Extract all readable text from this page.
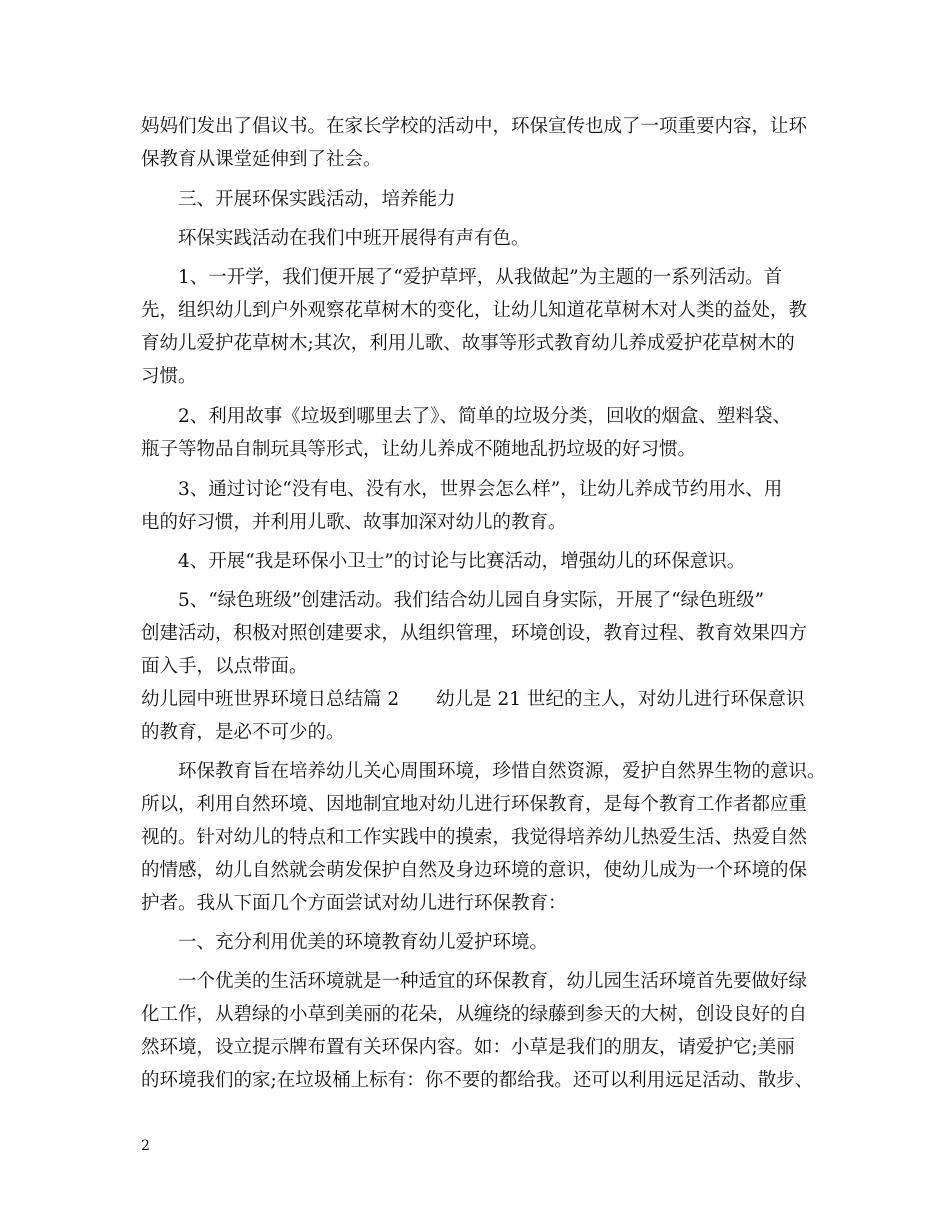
妈妈们发出了倡议书。在家长学校的活动中，环保宣传也成了一项重要内容，让环
保教育从课堂延伸到了社会。
三、开展环保实践活动，培养能力
环保实践活动在我们中班开展得有声有色。
1、一开学，我们便开展了“爱护草坪，从我做起”为主题的一系列活动。首
先，组织幼儿到户外观察花草树木的变化，让幼儿知道花草树木对人类的益处，教
育幼儿爱护花草树木;其次，利用儿歌、故事等形式教育幼儿养成爱护花草树木的
习惯。
2、利用故事《垃圾到哪里去了》、简单的垃圾分类，回收的烟盒、塑料袋、
瓶子等物品自制玩具等形式，让幼儿养成不随地乱扔垃圾的好习惯。
3、通过讨论“没有电、没有水，世界会怎么样”，让幼儿养成节约用水、用
电的好习惯，并利用儿歌、故事加深对幼儿的教育。
4、开展“我是环保小卫士”的讨论与比赛活动，增强幼儿的环保意识。
5、“绿色班级”创建活动。我们结合幼儿园自身实际，开展了“绿色班级”
创建活动，积极对照创建要求，从组织管理，环境创设，教育过程、教育效果四方
面入手，以点带面。
幼儿园中班世界环境日总结篇 2　　幼儿是 21 世纪的主人，对幼儿进行环保意识
的教育，是必不可少的。
环保教育旨在培养幼儿关心周围环境，珍惜自然资源，爱护自然界生物的意识。
所以，利用自然环境、因地制宜地对幼儿进行环保教育，是每个教育工作者都应重
视的。针对幼儿的特点和工作实践中的摸索，我觉得培养幼儿热爱生活、热爱自然
的情感，幼儿自然就会萌发保护自然及身边环境的意识，使幼儿成为一个环境的保
护者。我从下面几个方面尝试对幼儿进行环保教育：
一、充分利用优美的环境教育幼儿爱护环境。
一个优美的生活环境就是一种适宜的环保教育，幼儿园生活环境首先要做好绿
化工作，从碧绿的小草到美丽的花朵，从缠绕的绿藤到参天的大树，创设良好的自
然环境，设立提示牌布置有关环保内容。如：小草是我们的朋友，请爱护它;美丽
的环境我们的家;在垃圾桶上标有：你不要的都给我。还可以利用远足活动、散步、
2
